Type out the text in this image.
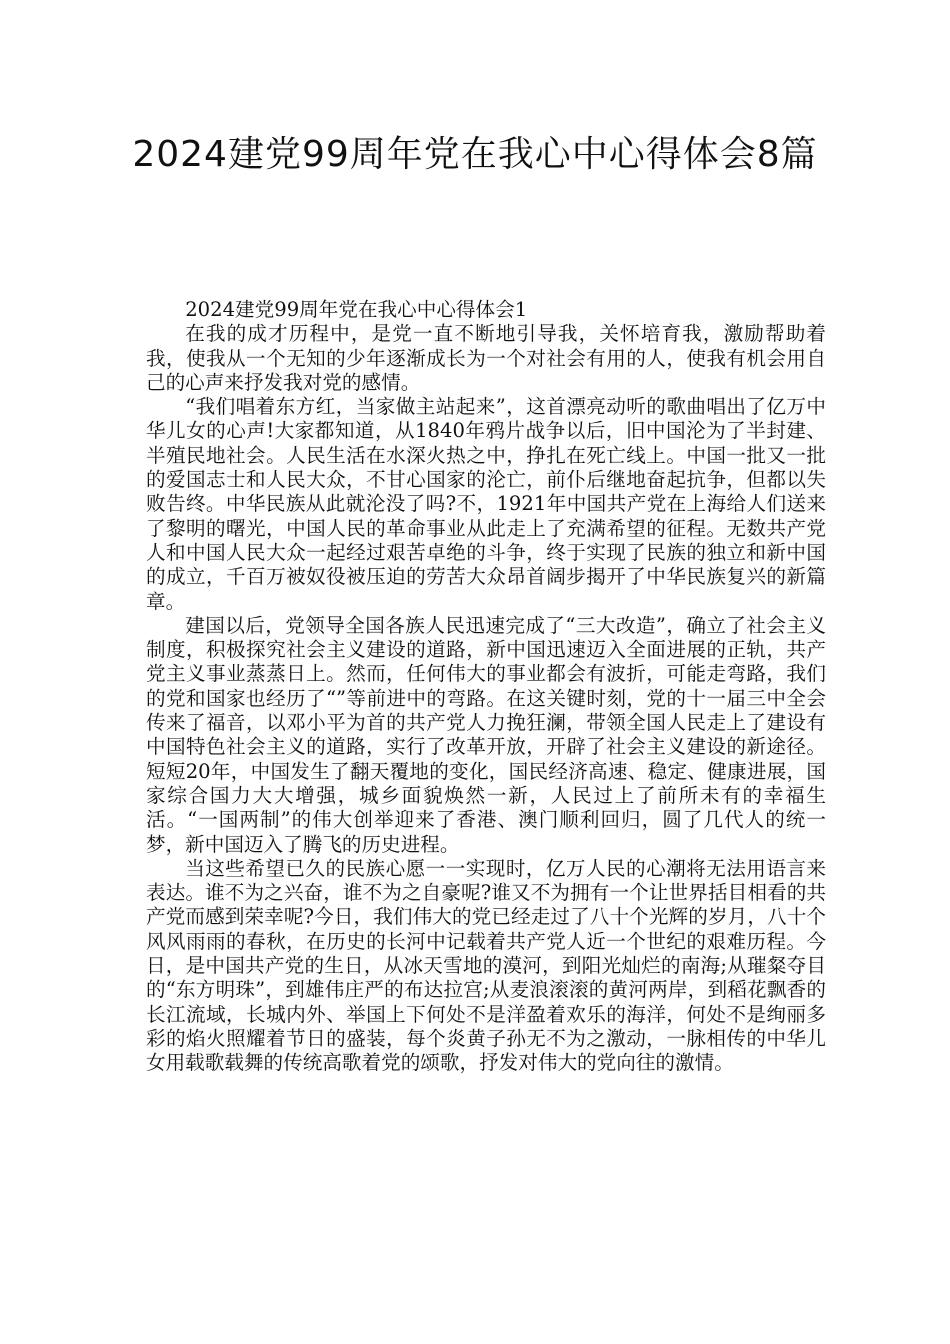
2024建党99周年党在我心中心得体会8篇

2024建党99周年党在我心中心得体会1

在我的成才历程中，是党一直不断地引导我，关怀培育我，激励帮助着我，使我从一个无知的少年逐渐成长为一个对社会有用的人，使我有机会用自己的心声来抒发我对党的感情。

“我们唱着东方红，当家做主站起来”，这首漂亮动听的歌曲唱出了亿万中华儿女的心声!大家都知道，从1840年鸦片战争以后，旧中国沦为了半封建、半殖民地社会。人民生活在水深火热之中，挣扎在死亡线上。中国一批又一批的爱国志士和人民大众，不甘心国家的沦亡，前仆后继地奋起抗争，但都以失败告终。中华民族从此就沦没了吗?不，1921年中国共产党在上海给人们送来了黎明的曙光，中国人民的革命事业从此走上了充满希望的征程。无数共产党人和中国人民大众一起经过艰苦卓绝的斗争，终于实现了民族的独立和新中国的成立，千百万被奴役被压迫的劳苦大众昂首阔步揭开了中华民族复兴的新篇章。

建国以后，党领导全国各族人民迅速完成了“三大改造”，确立了社会主义制度，积极探究社会主义建设的道路，新中国迅速迈入全面进展的正轨，共产党主义事业蒸蒸日上。然而，任何伟大的事业都会有波折，可能走弯路，我们的党和国家也经历了“”等前进中的弯路。在这关键时刻，党的十一届三中全会传来了福音，以邓小平为首的共产党人力挽狂澜，带领全国人民走上了建设有中国特色社会主义的道路，实行了改革开放，开辟了社会主义建设的新途径。短短20年，中国发生了翻天覆地的变化，国民经济高速、稳定、健康进展，国家综合国力大大增强，城乡面貌焕然一新，人民过上了前所未有的幸福生活。“一国两制”的伟大创举迎来了香港、澳门顺利回归，圆了几代人的统一梦，新中国迈入了腾飞的历史进程。

当这些希望已久的民族心愿一一实现时，亿万人民的心潮将无法用语言来表达。谁不为之兴奋，谁不为之自豪呢?谁又不为拥有一个让世界括目相看的共产党而感到荣幸呢?今日，我们伟大的党已经走过了八十个光辉的岁月，八十个风风雨雨的春秋，在历史的长河中记载着共产党人近一个世纪的艰难历程。今日，是中国共产党的生日，从冰天雪地的漠河，到阳光灿烂的南海;从璀粲夺目的“东方明珠”，到雄伟庄严的布达拉宫;从麦浪滚滚的黄河两岸，到稻花飘香的长江流域，长城内外、举国上下何处不是洋盈着欢乐的海洋，何处不是绚丽多彩的焰火照耀着节日的盛装，每个炎黄子孙无不为之激动，一脉相传的中华儿女用载歌载舞的传统高歌着党的颂歌，抒发对伟大的党向往的激情。
